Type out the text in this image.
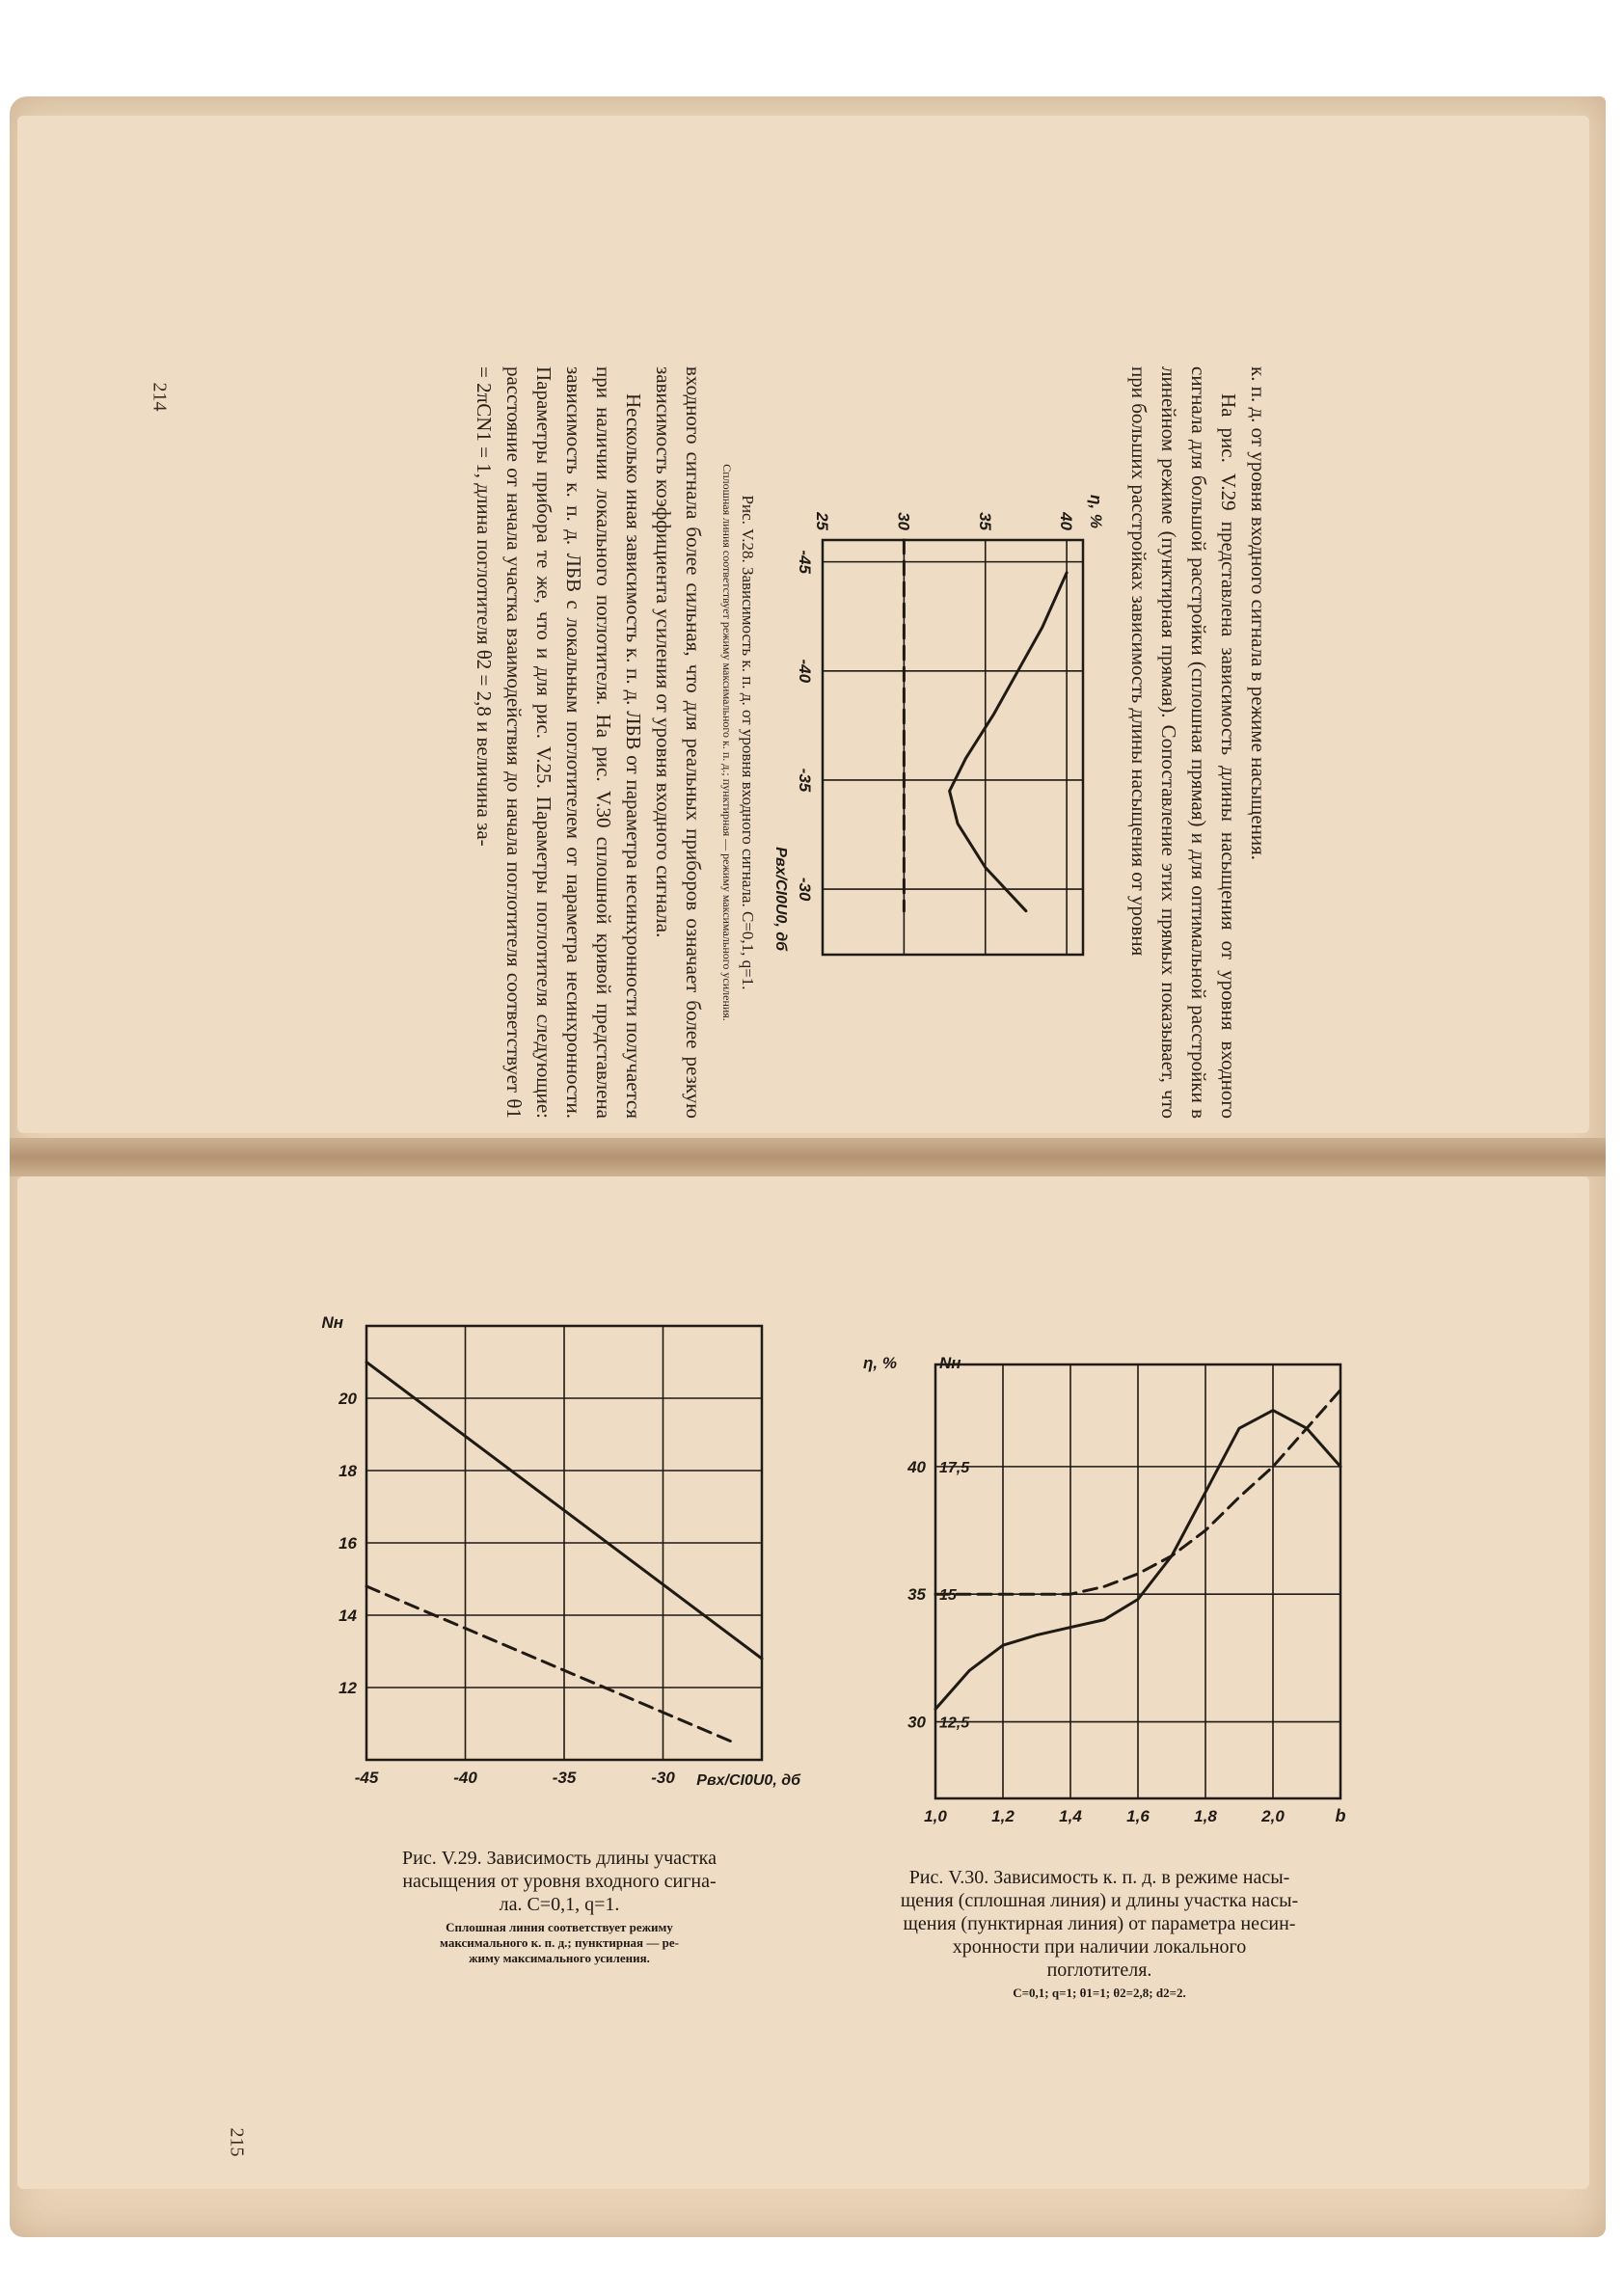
к. п. д. от уровня входного сигнала в режиме насыщения.

На рис. V.29 представлена зависимость длины насыщения от уровня входного сигнала для большой расстройки (сплошная прямая) и для оптимальной расстройки в линейном режиме (пунктирная прямая). Сопоставление этих прямых показывает, что при больших расстройках зависимость длины насыщения от уровня

-45
-40
-35
-30
25	30	35	40 η, %
Pвх/CI0U0, дб
Рис. V.28. Зависимость к. п. д. от уровня входного сигнала. C=0,1, q=1.
Сплошная линия соответствует режиму максимального к. п. д.; пунктирная — режиму максимального усиления.

входного сигнала более сильная, что для реальных приборов означает более резкую зависимость коэффициента усиления от уровня входного сигнала.

Несколько иная зависимость к. п. д. ЛБВ от параметра несинхронности получается при наличии локального поглотителя. На рис. V.30 сплошной кривой представлена зависимость к. п. д. ЛБВ с локальным поглотителем от параметра несинхронности. Параметры прибора те же, что и для рис. V.25. Параметры поглотителя следующие: расстояние от начала участка взаимодействия до начала поглотителя соответствует θ1 = 2πCN1 = 1, длина поглотителя θ2 = 2,8 и величина за-

214
215
-45	-40	-35	-30
12
14
16
18
20
Nн
Pвх/CI0U0, дб
Рис. V.29. Зависимость длины участка
насыщения от уровня входного сигна-
ла. C=0,1, q=1.
Сплошная линия соответствует режиму
максимального к. п. д.; пунктирная — ре-
жиму максимального усиления.
1,0	1,2	1,4	1,6	1,8	2,0
30
35
40
12,5
15
17,5
η, %	Nн
b
Рис. V.30. Зависимость к. п. д. в режиме насы-
щения (сплошная линия) и длины участка насы-
щения (пунктирная линия) от параметра несин-
хронности при наличии локального
поглотителя.
C=0,1; q=1; θ1=1; θ2=2,8; d2=2.
